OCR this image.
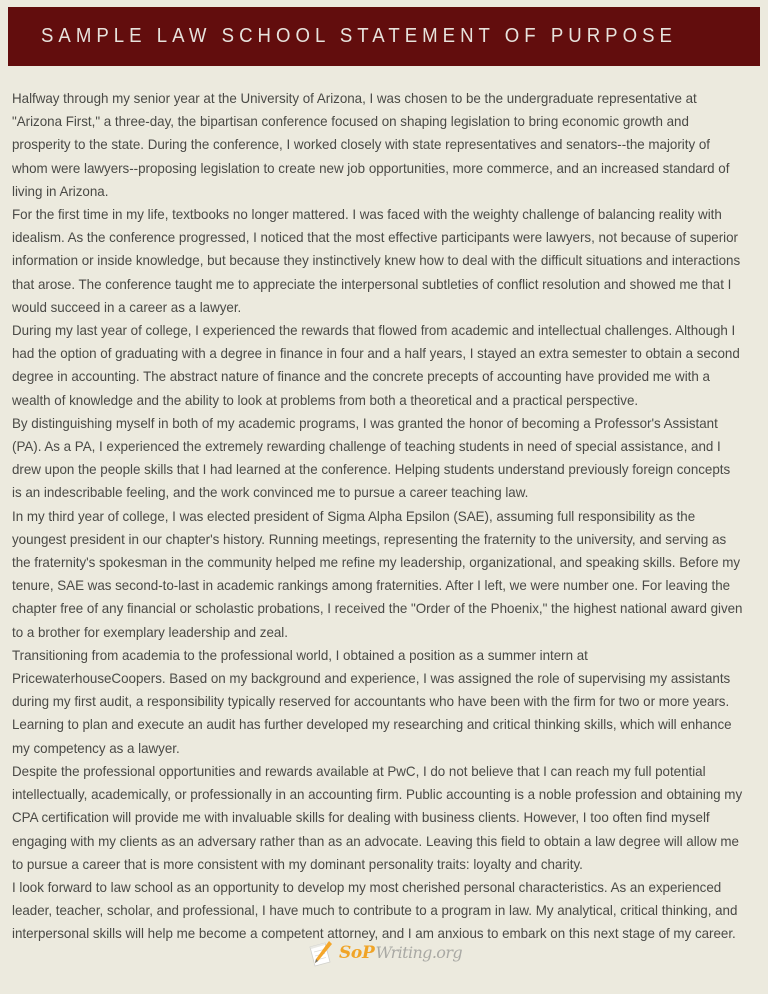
SAMPLE LAW SCHOOL STATEMENT OF PURPOSE

Halfway through my senior year at the University of Arizona, I was chosen to be the undergraduate representative at "Arizona First," a three-day, the bipartisan conference focused on shaping legislation to bring economic growth and prosperity to the state. During the conference, I worked closely with state representatives and senators--the majority of whom were lawyers--proposing legislation to create new job opportunities, more commerce, and an increased standard of living in Arizona.

For the first time in my life, textbooks no longer mattered. I was faced with the weighty challenge of balancing reality with idealism. As the conference progressed, I noticed that the most effective participants were lawyers, not because of superior information or inside knowledge, but because they instinctively knew how to deal with the difficult situations and interactions that arose. The conference taught me to appreciate the interpersonal subtleties of conflict resolution and showed me that I would succeed in a career as a lawyer.

During my last year of college, I experienced the rewards that flowed from academic and intellectual challenges. Although I had the option of graduating with a degree in finance in four and a half years, I stayed an extra semester to obtain a second degree in accounting. The abstract nature of finance and the concrete precepts of accounting have provided me with a wealth of knowledge and the ability to look at problems from both a theoretical and a practical perspective.

By distinguishing myself in both of my academic programs, I was granted the honor of becoming a Professor's Assistant (PA). As a PA, I experienced the extremely rewarding challenge of teaching students in need of special assistance, and I drew upon the people skills that I had learned at the conference. Helping students understand previously foreign concepts is an indescribable feeling, and the work convinced me to pursue a career teaching law.

In my third year of college, I was elected president of Sigma Alpha Epsilon (SAE), assuming full responsibility as the youngest president in our chapter's history. Running meetings, representing the fraternity to the university, and serving as the fraternity's spokesman in the community helped me refine my leadership, organizational, and speaking skills. Before my tenure, SAE was second-to-last in academic rankings among fraternities. After I left, we were number one. For leaving the chapter free of any financial or scholastic probations, I received the "Order of the Phoenix," the highest national award given to a brother for exemplary leadership and zeal.

Transitioning from academia to the professional world, I obtained a position as a summer intern at PricewaterhouseCoopers. Based on my background and experience, I was assigned the role of supervising my assistants during my first audit, a responsibility typically reserved for accountants who have been with the firm for two or more years. Learning to plan and execute an audit has further developed my researching and critical thinking skills, which will enhance my competency as a lawyer.

Despite the professional opportunities and rewards available at PwC, I do not believe that I can reach my full potential intellectually, academically, or professionally in an accounting firm. Public accounting is a noble profession and obtaining my CPA certification will provide me with invaluable skills for dealing with business clients. However, I too often find myself engaging with my clients as an adversary rather than as an advocate. Leaving this field to obtain a law degree will allow me to pursue a career that is more consistent with my dominant personality traits: loyalty and charity.

I look forward to law school as an opportunity to develop my most cherished personal characteristics. As an experienced leader, teacher, scholar, and professional, I have much to contribute to a program in law. My analytical, critical thinking, and interpersonal skills will help me become a competent attorney, and I am anxious to embark on this next stage of my career.

SoP Writing.org
